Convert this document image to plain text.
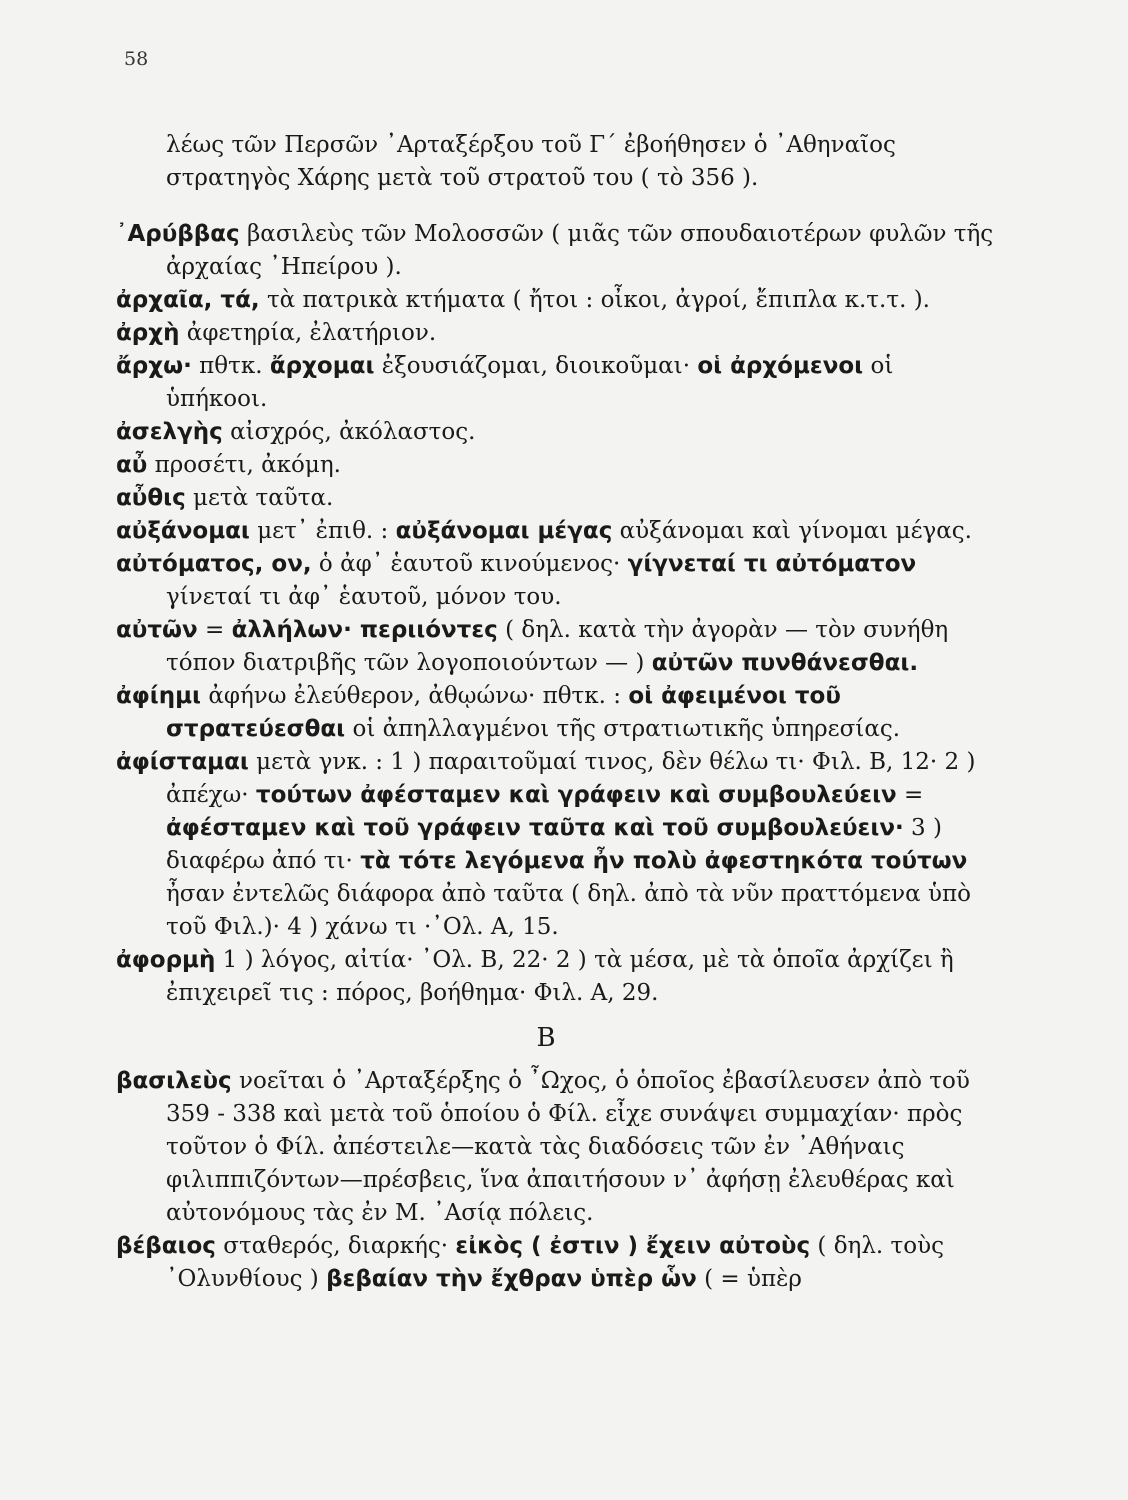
58

λέως τῶν Περσῶν ᾽Αρταξέρξου τοῦ Γ΄ ἐβοήθησεν ὁ ᾽Αθηναῖος στρατηγὸς Χάρης μετὰ τοῦ στρατοῦ του ( τὸ 356 ).

᾽Αρύββας βασιλεὺς τῶν Μολοσσῶν ( μιᾶς τῶν σπουδαιοτέρων φυλῶν τῆς ἀρχαίας ᾽Ηπείρου ).

ἀρχαῖα, τά, τὰ πατρικὰ κτήματα ( ἤτοι : οἶκοι, ἀγροί, ἔπιπλα κ.τ.τ. ).

ἀρχὴ ἀφετηρία, ἐλατήριον.

ἄρχω· πθτκ. ἄρχομαι ἐξουσιάζομαι, διοικοῦμαι· οἱ ἀρχόμενοι οἱ ὑπήκοοι.

ἀσελγὴς αἰσχρός, ἀκόλαστος.

αὖ προσέτι, ἀκόμη.

αὖθις μετὰ ταῦτα.

αὐξάνομαι μετ᾽ ἐπιθ. : αὐξάνομαι μέγας αὐξάνομαι καὶ γίνομαι μέγας.

αὐτόματος, ον, ὁ ἀφ᾽ ἑαυτοῦ κινούμενος· γίγνεταί τι αὐτόματον γίνεταί τι ἀφ᾽ ἑαυτοῦ, μόνον του.

αὐτῶν = ἀλλήλων· περιιόντες ( δηλ. κατὰ τὴν ἀγορὰν — τὸν συνήθη τόπον διατριβῆς τῶν λογοποιούντων — ) αὐτῶν πυνθάνεσθαι.

ἀφίημι ἀφήνω ἐλεύθερον, ἀθῳώνω· πθτκ. : οἱ ἀφειμένοι τοῦ στρατεύεσθαι οἱ ἀπηλλαγμένοι τῆς στρατιωτικῆς ὑπηρεσίας.

ἀφίσταμαι μετὰ γνκ. : 1 ) παραιτοῦμαί τινος, δὲν θέλω τι· Φιλ. Β, 12· 2 ) ἀπέχω· τούτων ἀφέσταμεν καὶ γράφειν καὶ συμβουλεύειν = ἀφέσταμεν καὶ τοῦ γράφειν ταῦτα καὶ τοῦ συμβουλεύειν· 3 ) διαφέρω ἀπό τι· τὰ τότε λεγόμενα ἦν πολὺ ἀφεστηκότα τούτων ἦσαν ἐντελῶς διάφορα ἀπὸ ταῦτα ( δηλ. ἀπὸ τὰ νῦν πραττόμενα ὑπὸ τοῦ Φιλ.)· 4 ) χάνω τι ·᾽Ολ. Α, 15.

ἀφορμὴ 1 ) λόγος, αἰτία· ᾽Ολ. Β, 22· 2 ) τὰ μέσα, μὲ τὰ ὁποῖα ἀρχίζει ἢ ἐπιχειρεῖ τις : πόρος, βοήθημα· Φιλ. Α, 29.

Β

βασιλεὺς νοεῖται ὁ ᾽Αρταξέρξης ὁ ῏Ωχος, ὁ ὁποῖος ἐβασίλευσεν ἀπὸ τοῦ 359 - 338 καὶ μετὰ τοῦ ὁποίου ὁ Φίλ. εἶχε συνάψει συμμαχίαν· πρὸς τοῦτον ὁ Φίλ. ἀπέστειλε—κατὰ τὰς διαδόσεις τῶν ἐν ᾽Αθήναις φιλιππιζόντων—πρέσβεις, ἵνα ἀπαιτήσουν ν᾽ ἀφήσῃ ἐλευθέρας καὶ αὐτονόμους τὰς ἐν Μ. ᾽Ασίᾳ πόλεις.

βέβαιος σταθερός, διαρκής· εἰκὸς ( ἐστιν ) ἔχειν αὐτοὺς ( δηλ. τοὺς ᾽Ολυνθίους ) βεβαίαν τὴν ἔχθραν ὑπὲρ ὧν ( = ὑπὲρ
